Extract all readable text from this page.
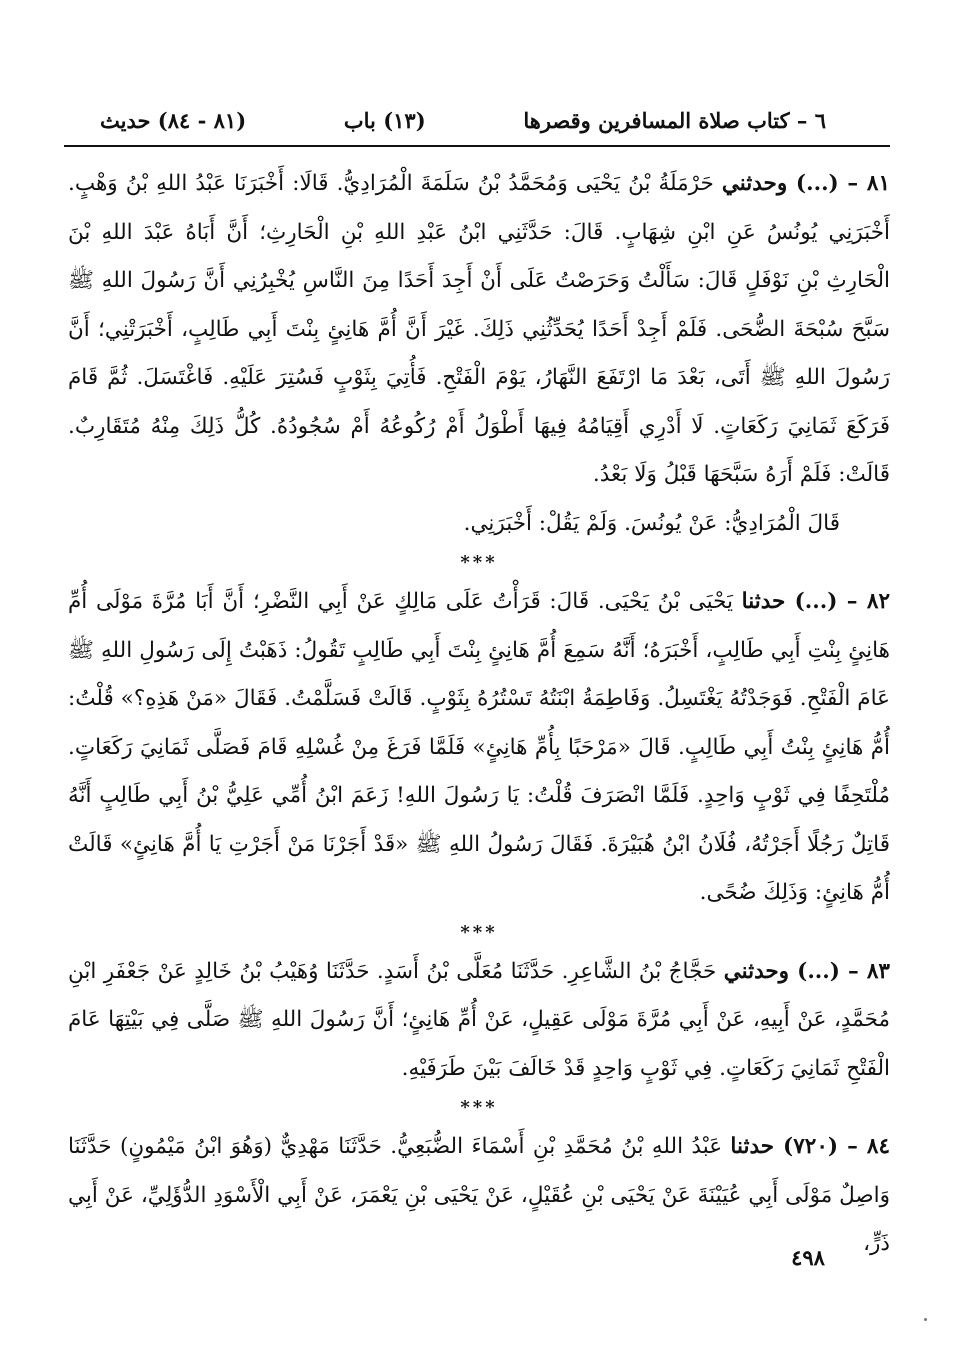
٦ – كتاب صلاة المسافرين وقصرها
(١٣) باب
(٨١ - ٨٤) حديث

٨١ – (...) وحدثني حَرْمَلَةُ بْنُ يَحْيَى وَمُحَمَّدُ بْنُ سَلَمَةَ الْمُرَادِيُّ. قَالَا: أَخْبَرَنَا عَبْدُ اللهِ بْنُ وَهْبٍ. أَخْبَرَنِي يُونُسُ عَنِ ابْنِ شِهَابٍ. قَالَ: حَدَّثَنِي ابْنُ عَبْدِ اللهِ بْنِ الْحَارِثِ؛ أَنَّ أَبَاهُ عَبْدَ اللهِ بْنَ الْحَارِثِ بْنِ نَوْفَلٍ قَالَ: سَأَلْتُ وَحَرَصْتُ عَلَى أَنْ أَجِدَ أَحَدًا مِنَ النَّاسِ يُخْبِرُنِي أَنَّ رَسُولَ اللهِ ﷺ سَبَّحَ سُبْحَةَ الضُّحَى. فَلَمْ أَجِدْ أَحَدًا يُحَدِّثُنِي ذَلِكَ. غَيْرَ أَنَّ أُمَّ هَانِئٍ بِنْتَ أَبِي طَالِبٍ، أَخْبَرَتْنِي؛ أَنَّ رَسُولَ اللهِ ﷺ أَتَى، بَعْدَ مَا ارْتَفَعَ النَّهَارُ، يَوْمَ الْفَتْحِ. فَأُتِيَ بِثَوْبٍ فَسُتِرَ عَلَيْهِ. فَاغْتَسَلَ. ثُمَّ قَامَ فَرَكَعَ ثَمَانِيَ رَكَعَاتٍ. لَا أَدْرِي أَقِيَامُهُ فِيهَا أَطْوَلُ أَمْ رُكُوعُهُ أَمْ سُجُودُهُ. كُلُّ ذَلِكَ مِنْهُ مُتَقَارِبٌ. قَالَتْ: فَلَمْ أَرَهُ سَبَّحَهَا قَبْلُ وَلَا بَعْدُ.

قَالَ الْمُرَادِيُّ: عَنْ يُونُسَ. وَلَمْ يَقُلْ: أَخْبَرَنِي.

***

٨٢ – (...) حدثنا يَحْيَى بْنُ يَحْيَى. قَالَ: قَرَأْتُ عَلَى مَالِكٍ عَنْ أَبِي النَّضْرِ؛ أَنَّ أَبَا مُرَّةَ مَوْلَى أُمِّ هَانِئٍ بِنْتِ أَبِي طَالِبٍ، أَخْبَرَهُ؛ أَنَّهُ سَمِعَ أُمَّ هَانِئٍ بِنْتَ أَبِي طَالِبٍ تَقُولُ: ذَهَبْتُ إِلَى رَسُولِ اللهِ ﷺ عَامَ الْفَتْحِ. فَوَجَدْتُهُ يَغْتَسِلُ. وَفَاطِمَةُ ابْنَتُهُ تَسْتُرُهُ بِثَوْبٍ. قَالَتْ فَسَلَّمْتُ. فَقَالَ «مَنْ هَذِهِ؟» قُلْتُ: أُمُّ هَانِئٍ بِنْتُ أَبِي طَالِبٍ. قَالَ «مَرْحَبًا بِأُمِّ هَانِئٍ» فَلَمَّا فَرَغَ مِنْ غُسْلِهِ قَامَ فَصَلَّى ثَمَانِيَ رَكَعَاتٍ. مُلْتَحِفًا فِي ثَوْبٍ وَاحِدٍ. فَلَمَّا انْصَرَفَ قُلْتُ: يَا رَسُولَ اللهِ! زَعَمَ ابْنُ أُمِّي عَلِيُّ بْنُ أَبِي طَالِبٍ أَنَّهُ قَاتِلٌ رَجُلًا أَجَرْتُهُ، فُلَانُ ابْنُ هُبَيْرَةَ. فَقَالَ رَسُولُ اللهِ ﷺ «قَدْ أَجَرْنَا مَنْ أَجَرْتِ يَا أُمَّ هَانِئٍ» قَالَتْ أُمُّ هَانِئٍ: وَذَلِكَ ضُحًى.

***

٨٣ – (...) وحدثني حَجَّاجُ بْنُ الشَّاعِرِ. حَدَّثَنَا مُعَلَّى بْنُ أَسَدٍ. حَدَّثَنَا وُهَيْبُ بْنُ خَالِدٍ عَنْ جَعْفَرِ ابْنِ مُحَمَّدٍ، عَنْ أَبِيهِ، عَنْ أَبِي مُرَّةَ مَوْلَى عَقِيلٍ، عَنْ أُمِّ هَانِئٍ؛ أَنَّ رَسُولَ اللهِ ﷺ صَلَّى فِي بَيْتِهَا عَامَ الْفَتْحِ ثَمَانِيَ رَكَعَاتٍ. فِي ثَوْبٍ وَاحِدٍ قَدْ خَالَفَ بَيْنَ طَرَفَيْهِ.

***

٨٤ – (٧٢٠) حدثنا عَبْدُ اللهِ بْنُ مُحَمَّدِ بْنِ أَسْمَاءَ الضُّبَعِيُّ. حَدَّثَنَا مَهْدِيٌّ (وَهُوَ ابْنُ مَيْمُونٍ) حَدَّثَنَا وَاصِلٌ مَوْلَى أَبِي عُيَيْنَةَ عَنْ يَحْيَى بْنِ عُقَيْلٍ، عَنْ يَحْيَى بْنِ يَعْمَرَ، عَنْ أَبِي الْأَسْوَدِ الدُّؤَلِيِّ، عَنْ أَبِي ذَرٍّ،

٤٩٨
